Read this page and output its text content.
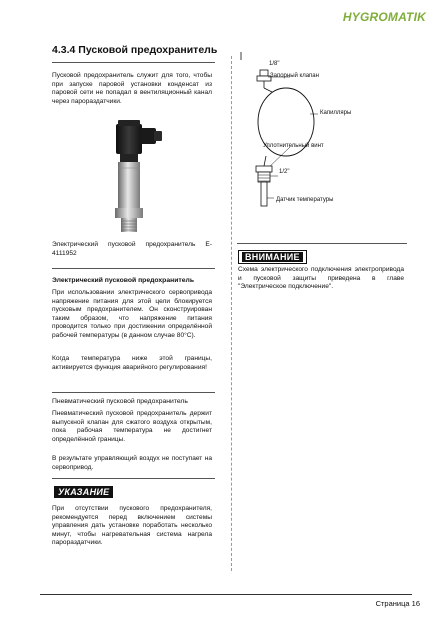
HYGROMATIK
4.3.4 Пусковой предохранитель

Пусковой предохранитель служит для того, чтобы при запуске паровой установки конденсат из паровой сети не попадал в вентиляционный канал через парораздатчики.

Электрический пусковой предохранитель E-4111952

Электрический пусковой предохранитель

При использовании электрического сервопривода напряжение питания для этой цели блокируется пусковым предохранителем. Он сконструирован таким образом, что напряжение питания проводится только при достижении определённой рабочей температуры (в данном случае 80°C).

Когда температура ниже этой границы, активируется функция аварийного регулирования!

Пневматический пусковой предохранитель

Пневматический пусковой предохранитель держит выпускной клапан для сжатого воздуха открытым, пока рабочая температура не достигнет определённой границы.

В результате управляющий воздух не поступает на сервопривод.

УКАЗАНИЕ

При отсутствии пускового предохранителя, рекомендуется перед включением системы управления дать установке поработать несколько минут, чтобы нагревательная система нагрела парораздатчики.

1/8"
Запорный клапан
Капилляры
Уплотнительный винт
1/2"
Датчик температуры
ВНИМАНИЕ

Схема электрического подключения электропривода и пусковой защиты приведена в главе "Электрическое подключение".

Страница 16
